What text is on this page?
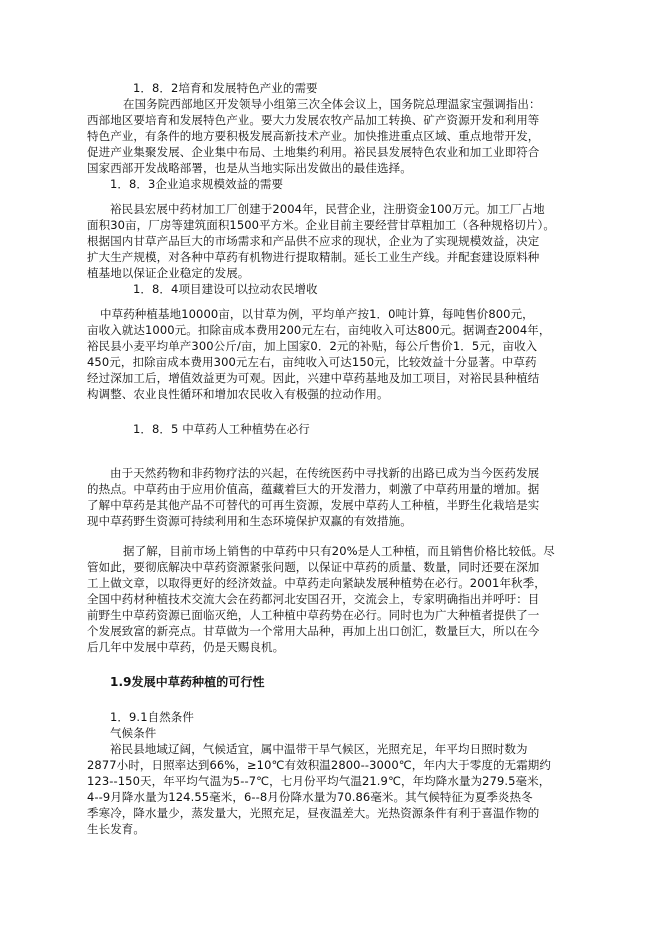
1．8．2培育和发展特色产业的需要
在国务院西部地区开发领导小组第三次全体会议上，国务院总理温家宝强调指出：
西部地区要培育和发展特色产业。要大力发展农牧产品加工转换、矿产资源开发和利用等
特色产业，有条件的地方要积极发展高新技术产业。加快推进重点区域、重点地带开发，
促进产业集聚发展、企业集中布局、土地集约利用。裕民县发展特色农业和加工业即符合
国家西部开发战略部署，也是从当地实际出发做出的最佳选择。
1．8．3企业追求规模效益的需要
裕民县宏展中药材加工厂创建于2004年，民营企业，注册资金100万元。加工厂占地
面积30亩，厂房等建筑面积1500平方米。企业目前主要经营甘草粗加工（各种规格切片）。
根据国内甘草产品巨大的市场需求和产品供不应求的现状，企业为了实现规模效益，决定
扩大生产规模，对各种中草药有机物进行提取精制。延长工业生产线。并配套建设原料种
植基地以保证企业稳定的发展。
1．8．4项目建设可以拉动农民增收
中草药种植基地10000亩，以甘草为例，平均单产按1．0吨计算，每吨售价800元，
亩收入就达1000元。扣除亩成本费用200元左右，亩纯收入可达800元。据调查2004年，
裕民县小麦平均单产300公斤/亩，加上国家0．2元的补贴，每公斤售价1．5元，亩收入
450元，扣除亩成本费用300元左右，亩纯收入可达150元，比较效益十分显著。中草药
经过深加工后，增值效益更为可观。因此，兴建中草药基地及加工项目，对裕民县种植结
构调整、农业良性循环和增加农民收入有极强的拉动作用。
1．8．5 中草药人工种植势在必行
由于天然药物和非药物疗法的兴起，在传统医药中寻找新的出路已成为当今医药发展
的热点。中草药由于应用价值高，蕴藏着巨大的开发潜力，刺激了中草药用量的增加。据
了解中草药是其他产品不可替代的可再生资源，发展中草药人工种植，半野生化栽培是实
现中草药野生资源可持续利用和生态环境保护双赢的有效措施。
据了解，目前市场上销售的中草药中只有20%是人工种植，而且销售价格比较低。尽
管如此，要彻底解决中草药资源紧张问题，以保证中草药的质量、数量，同时还要在深加
工上做文章，以取得更好的经济效益。中草药走向紧缺发展种植势在必行。2001年秋季，
全国中药材种植技术交流大会在药都河北安国召开，交流会上，专家明确指出并呼吁：目
前野生中草药资源已面临灭绝，人工种植中草药势在必行。同时也为广大种植者提供了一
个发展致富的新亮点。甘草做为一个常用大品种，再加上出口创汇，数量巨大，所以在今
后几年中发展中草药，仍是天赐良机。
1.9发展中草药种植的可行性
1．9.1自然条件
气候条件
裕民县地域辽阔，气候适宜，属中温带干旱气候区，光照充足，年平均日照时数为
2877小时，日照率达到66%，≥10℃有效积温2800--3000℃，年内大于零度的无霜期约
123--150天，年平均气温为5--7℃，七月份平均气温21.9℃，年均降水量为279.5毫米，
4--9月降水量为124.55毫米，6--8月份降水量为70.86毫米。其气候特征为夏季炎热冬
季寒冷，降水量少，蒸发量大，光照充足，昼夜温差大。光热资源条件有利于喜温作物的
生长发育。
